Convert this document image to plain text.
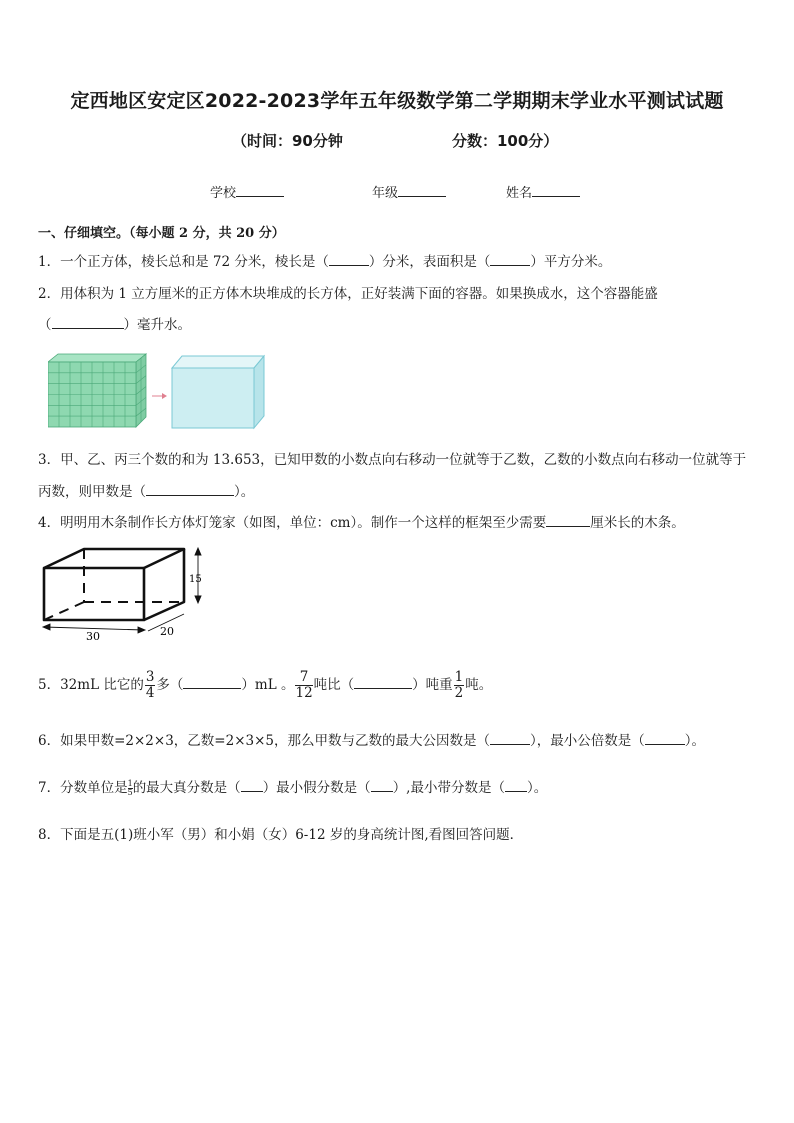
定西地区安定区2022-2023学年五年级数学第二学期期末学业水平测试试题
（时间：90分钟	分数：100分）
学校	年级	姓名
一、仔细填空。（每小题 2 分，共 20 分）
1．一个正方体，棱长总和是 72 分米，棱长是（	）分米，表面积是（	）平方分米。
2．用体积为 1 立方厘米的正方体木块堆成的长方体，正好装满下面的容器。如果换成水，这个容器能盛
（	）毫升水。
3．甲、乙、丙三个数的和为 13.653，已知甲数的小数点向右移动一位就等于乙数，乙数的小数点向右移动一位就等于
丙数，则甲数是（	）。
4．明明用木条制作长方体灯笼家（如图，单位：cm）。制作一个这样的框架至少需要	厘米长的木条。
15
30	20
5．32mL 比它的 $\frac{3}{4}$ 多（	）mL 。 $\frac{7}{12}$ 吨比（	）吨重 $\frac{1}{2}$ 吨。
6．如果甲数=2×2×3，乙数=2×3×5，那么甲数与乙数的最大公因数是（	），最小公倍数是（	）。
7．分数单位是 $\frac{1}{5}$ 的最大真分数是（ ）最小假分数是（ ）,最小带分数是（ ）。
8．下面是五(1)班小军（男）和小娟（女）6-12 岁的身高统计图,看图回答问题．
